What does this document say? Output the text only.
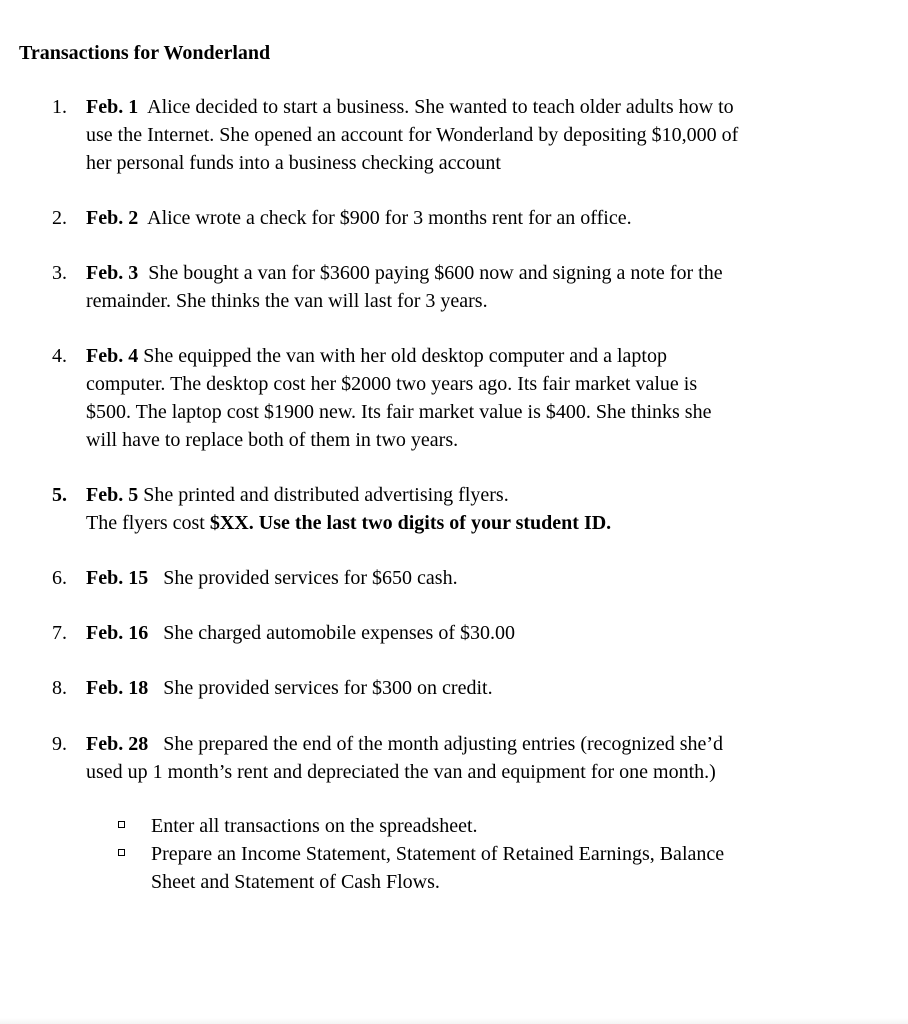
Transactions for Wonderland
1. Feb. 1 Alice decided to start a business. She wanted to teach older adults how to
use the Internet. She opened an account for Wonderland by depositing $10,000 of
her personal funds into a business checking account
2. Feb. 2 Alice wrote a check for $900 for 3 months rent for an office.
3. Feb. 3 She bought a van for $3600 paying $600 now and signing a note for the
remainder. She thinks the van will last for 3 years.
4. Feb. 4 She equipped the van with her old desktop computer and a laptop
computer. The desktop cost her $2000 two years ago. Its fair market value is
$500. The laptop cost $1900 new. Its fair market value is $400. She thinks she
will have to replace both of them in two years.
5. Feb. 5 She printed and distributed advertising flyers.
The flyers cost $XX. Use the last two digits of your student ID.
6. Feb. 15 She provided services for $650 cash.
7. Feb. 16 She charged automobile expenses of $30.00
8. Feb. 18 She provided services for $300 on credit.
9. Feb. 28 She prepared the end of the month adjusting entries (recognized she’d
used up 1 month’s rent and depreciated the van and equipment for one month.)
Enter all transactions on the spreadsheet.
Prepare an Income Statement, Statement of Retained Earnings, Balance
Sheet and Statement of Cash Flows.
